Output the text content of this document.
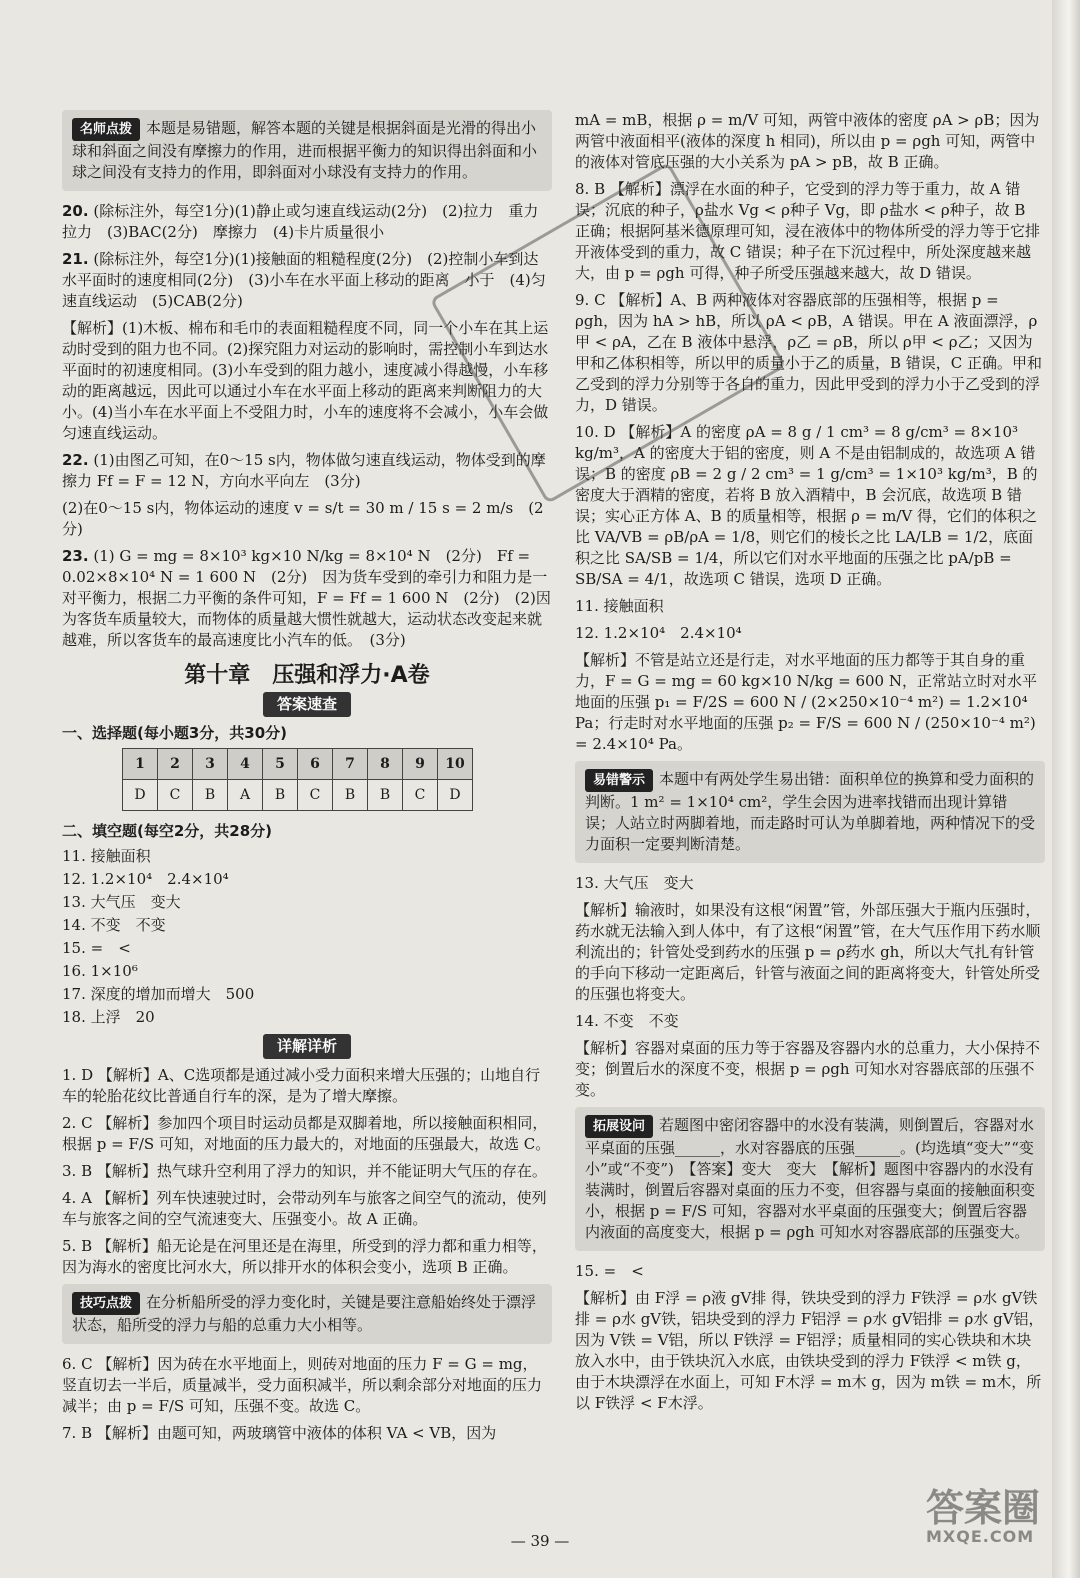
名师点拨 本题是易错题，解答本题的关键是根据斜面是光滑的得出小球和斜面之间没有摩擦力的作用，进而根据平衡力的知识得出斜面和小球之间没有支持力的作用，即斜面对小球没有支持力的作用。
20. (除标注外，每空1分)(1)静止或匀速直线运动(2分)　(2)拉力　重力　拉力　(3)BAC(2分)　摩擦力　(4)卡片质量很小
21. (除标注外，每空1分)(1)接触面的粗糙程度(2分)　(2)控制小车到达水平面时的速度相同(2分)　(3)小车在水平面上移动的距离　小于　(4)匀速直线运动　(5)CAB(2分)
【解析】(1)木板、棉布和毛巾的表面粗糙程度不同，同一个小车在其上运动时受到的阻力也不同。(2)探究阻力对运动的影响时，需控制小车到达水平面时的初速度相同。(3)小车受到的阻力越小，速度减小得越慢，小车移动的距离越远，因此可以通过小车在水平面上移动的距离来判断阻力的大小。(4)当小车在水平面上不受阻力时，小车的速度将不会减小，小车会做匀速直线运动。
22. (1)由图乙可知，在0～15 s内，物体做匀速直线运动，物体受到的摩擦力 Ff = F = 12 N，方向水平向左　(3分)
(2)在0～15 s内，物体运动的速度 v = s/t = 30 m / 15 s = 2 m/s　(2分)
23. (1) G = mg = 8×10³ kg×10 N/kg = 8×10⁴ N　(2分)　Ff = 0.02×8×10⁴ N = 1 600 N　(2分)　因为货车受到的牵引力和阻力是一对平衡力，根据二力平衡的条件可知，F = Ff = 1 600 N　(2分)　(2)因为客货车质量较大，而物体的质量越大惯性就越大，运动状态改变起来就越难，所以客货车的最高速度比小汽车的低。　(3分)
第十章　压强和浮力·A卷
答案速查
一、选择题(每小题3分，共30分)
1	2	3	4	5	6	7	8	9	10
D	C	B	A	B	C	B	B	C	D
二、填空题(每空2分，共28分)
11. 接触面积
12. 1.2×10⁴　2.4×10⁴
13. 大气压　变大
14. 不变　不变
15. =　<
16. 1×10⁶
17. 深度的增加而增大　500
18. 上浮　20
详解详析
1. D 【解析】A、C选项都是通过减小受力面积来增大压强的；山地自行车的轮胎花纹比普通自行车的深，是为了增大摩擦。
2. C 【解析】参加四个项目时运动员都是双脚着地，所以接触面积相同，根据 p = F/S 可知，对地面的压力最大的，对地面的压强最大，故选 C。
3. B 【解析】热气球升空利用了浮力的知识，并不能证明大气压的存在。
4. A 【解析】列车快速驶过时，会带动列车与旅客之间空气的流动，使列车与旅客之间的空气流速变大、压强变小。故 A 正确。
5. B 【解析】船无论是在河里还是在海里，所受到的浮力都和重力相等，因为海水的密度比河水大，所以排开水的体积会变小，选项 B 正确。
技巧点拨 在分析船所受的浮力变化时，关键是要注意船始终处于漂浮状态，船所受的浮力与船的总重力大小相等。
6. C 【解析】因为砖在水平地面上，则砖对地面的压力 F = G = mg，竖直切去一半后，质量减半，受力面积减半，所以剩余部分对地面的压力减半；由 p = F/S 可知，压强不变。故选 C。
7. B 【解析】由题可知，两玻璃管中液体的体积 VA < VB，因为
mA = mB，根据 ρ = m/V 可知，两管中液体的密度 ρA > ρB；因为两管中液面相平(液体的深度 h 相同)，所以由 p = ρgh 可知，两管中的液体对管底压强的大小关系为 pA > pB，故 B 正确。
8. B 【解析】漂浮在水面的种子，它受到的浮力等于重力，故 A 错误；沉底的种子，ρ盐水 Vg < ρ种子 Vg，即 ρ盐水 < ρ种子，故 B 正确；根据阿基米德原理可知，浸在液体中的物体所受的浮力等于它排开液体受到的重力，故 C 错误；种子在下沉过程中，所处深度越来越大，由 p = ρgh 可得，种子所受压强越来越大，故 D 错误。
9. C 【解析】A、B 两种液体对容器底部的压强相等，根据 p = ρgh，因为 hA > hB，所以 ρA < ρB，A 错误。甲在 A 液面漂浮，ρ甲 < ρA，乙在 B 液体中悬浮，ρ乙 = ρB，所以 ρ甲 < ρ乙；又因为甲和乙体积相等，所以甲的质量小于乙的质量，B 错误，C 正确。甲和乙受到的浮力分别等于各自的重力，因此甲受到的浮力小于乙受到的浮力，D 错误。
10. D 【解析】A 的密度 ρA = 8 g / 1 cm³ = 8 g/cm³ = 8×10³ kg/m³，A 的密度大于铝的密度，则 A 不是由铝制成的，故选项 A 错误；B 的密度 ρB = 2 g / 2 cm³ = 1 g/cm³ = 1×10³ kg/m³，B 的密度大于酒精的密度，若将 B 放入酒精中，B 会沉底，故选项 B 错误；实心正方体 A、B 的质量相等，根据 ρ = m/V 得，它们的体积之比 VA/VB = ρB/ρA = 1/8，则它们的棱长之比 LA/LB = 1/2，底面积之比 SA/SB = 1/4，所以它们对水平地面的压强之比 pA/pB = SB/SA = 4/1，故选项 C 错误，选项 D 正确。
11. 接触面积
12. 1.2×10⁴　2.4×10⁴
【解析】不管是站立还是行走，对水平地面的压力都等于其自身的重力，F = G = mg = 60 kg×10 N/kg = 600 N，正常站立时对水平地面的压强 p₁ = F/2S = 600 N / (2×250×10⁻⁴ m²) = 1.2×10⁴ Pa；行走时对水平地面的压强 p₂ = F/S = 600 N / (250×10⁻⁴ m²) = 2.4×10⁴ Pa。
易错警示 本题中有两处学生易出错：面积单位的换算和受力面积的判断。1 m² = 1×10⁴ cm²，学生会因为进率找错而出现计算错误；人站立时两脚着地，而走路时可认为单脚着地，两种情况下的受力面积一定要判断清楚。
13. 大气压　变大
【解析】输液时，如果没有这根“闲置”管，外部压强大于瓶内压强时，药水就无法输入到人体中，有了这根“闲置”管，在大气压作用下药水顺利流出的；针管处受到药水的压强 p = ρ药水 gh，所以大气扎有针管的手向下移动一定距离后，针管与液面之间的距离将变大，针管处所受的压强也将变大。
14. 不变　不变
【解析】容器对桌面的压力等于容器及容器内水的总重力，大小保持不变；倒置后水的深度不变，根据 p = ρgh 可知水对容器底部的压强不变。
拓展设问 若题图中密闭容器中的水没有装满，则倒置后，容器对水平桌面的压强______，水对容器底的压强______。(均选填“变大”“变小”或“不变”)　【答案】变大　变大　【解析】题图中容器内的水没有装满时，倒置后容器对桌面的压力不变，但容器与桌面的接触面积变小，根据 p = F/S 可知，容器对水平桌面的压强变大；倒置后容器内液面的高度变大，根据 p = ρgh 可知水对容器底部的压强变大。
15. =　<
【解析】由 F浮 = ρ液 gV排 得，铁块受到的浮力 F铁浮 = ρ水 gV铁排 = ρ水 gV铁，铝块受到的浮力 F铝浮 = ρ水 gV铝排 = ρ水 gV铝，因为 V铁 = V铝，所以 F铁浮 = F铝浮；质量相同的实心铁块和木块放入水中，由于铁块沉入水底，由铁块受到的浮力 F铁浮 < m铁 g，由于木块漂浮在水面上，可知 F木浮 = m木 g，因为 m铁 = m木，所以 F铁浮 < F木浮。
— 39 —
答案圈
MXQE.COM
